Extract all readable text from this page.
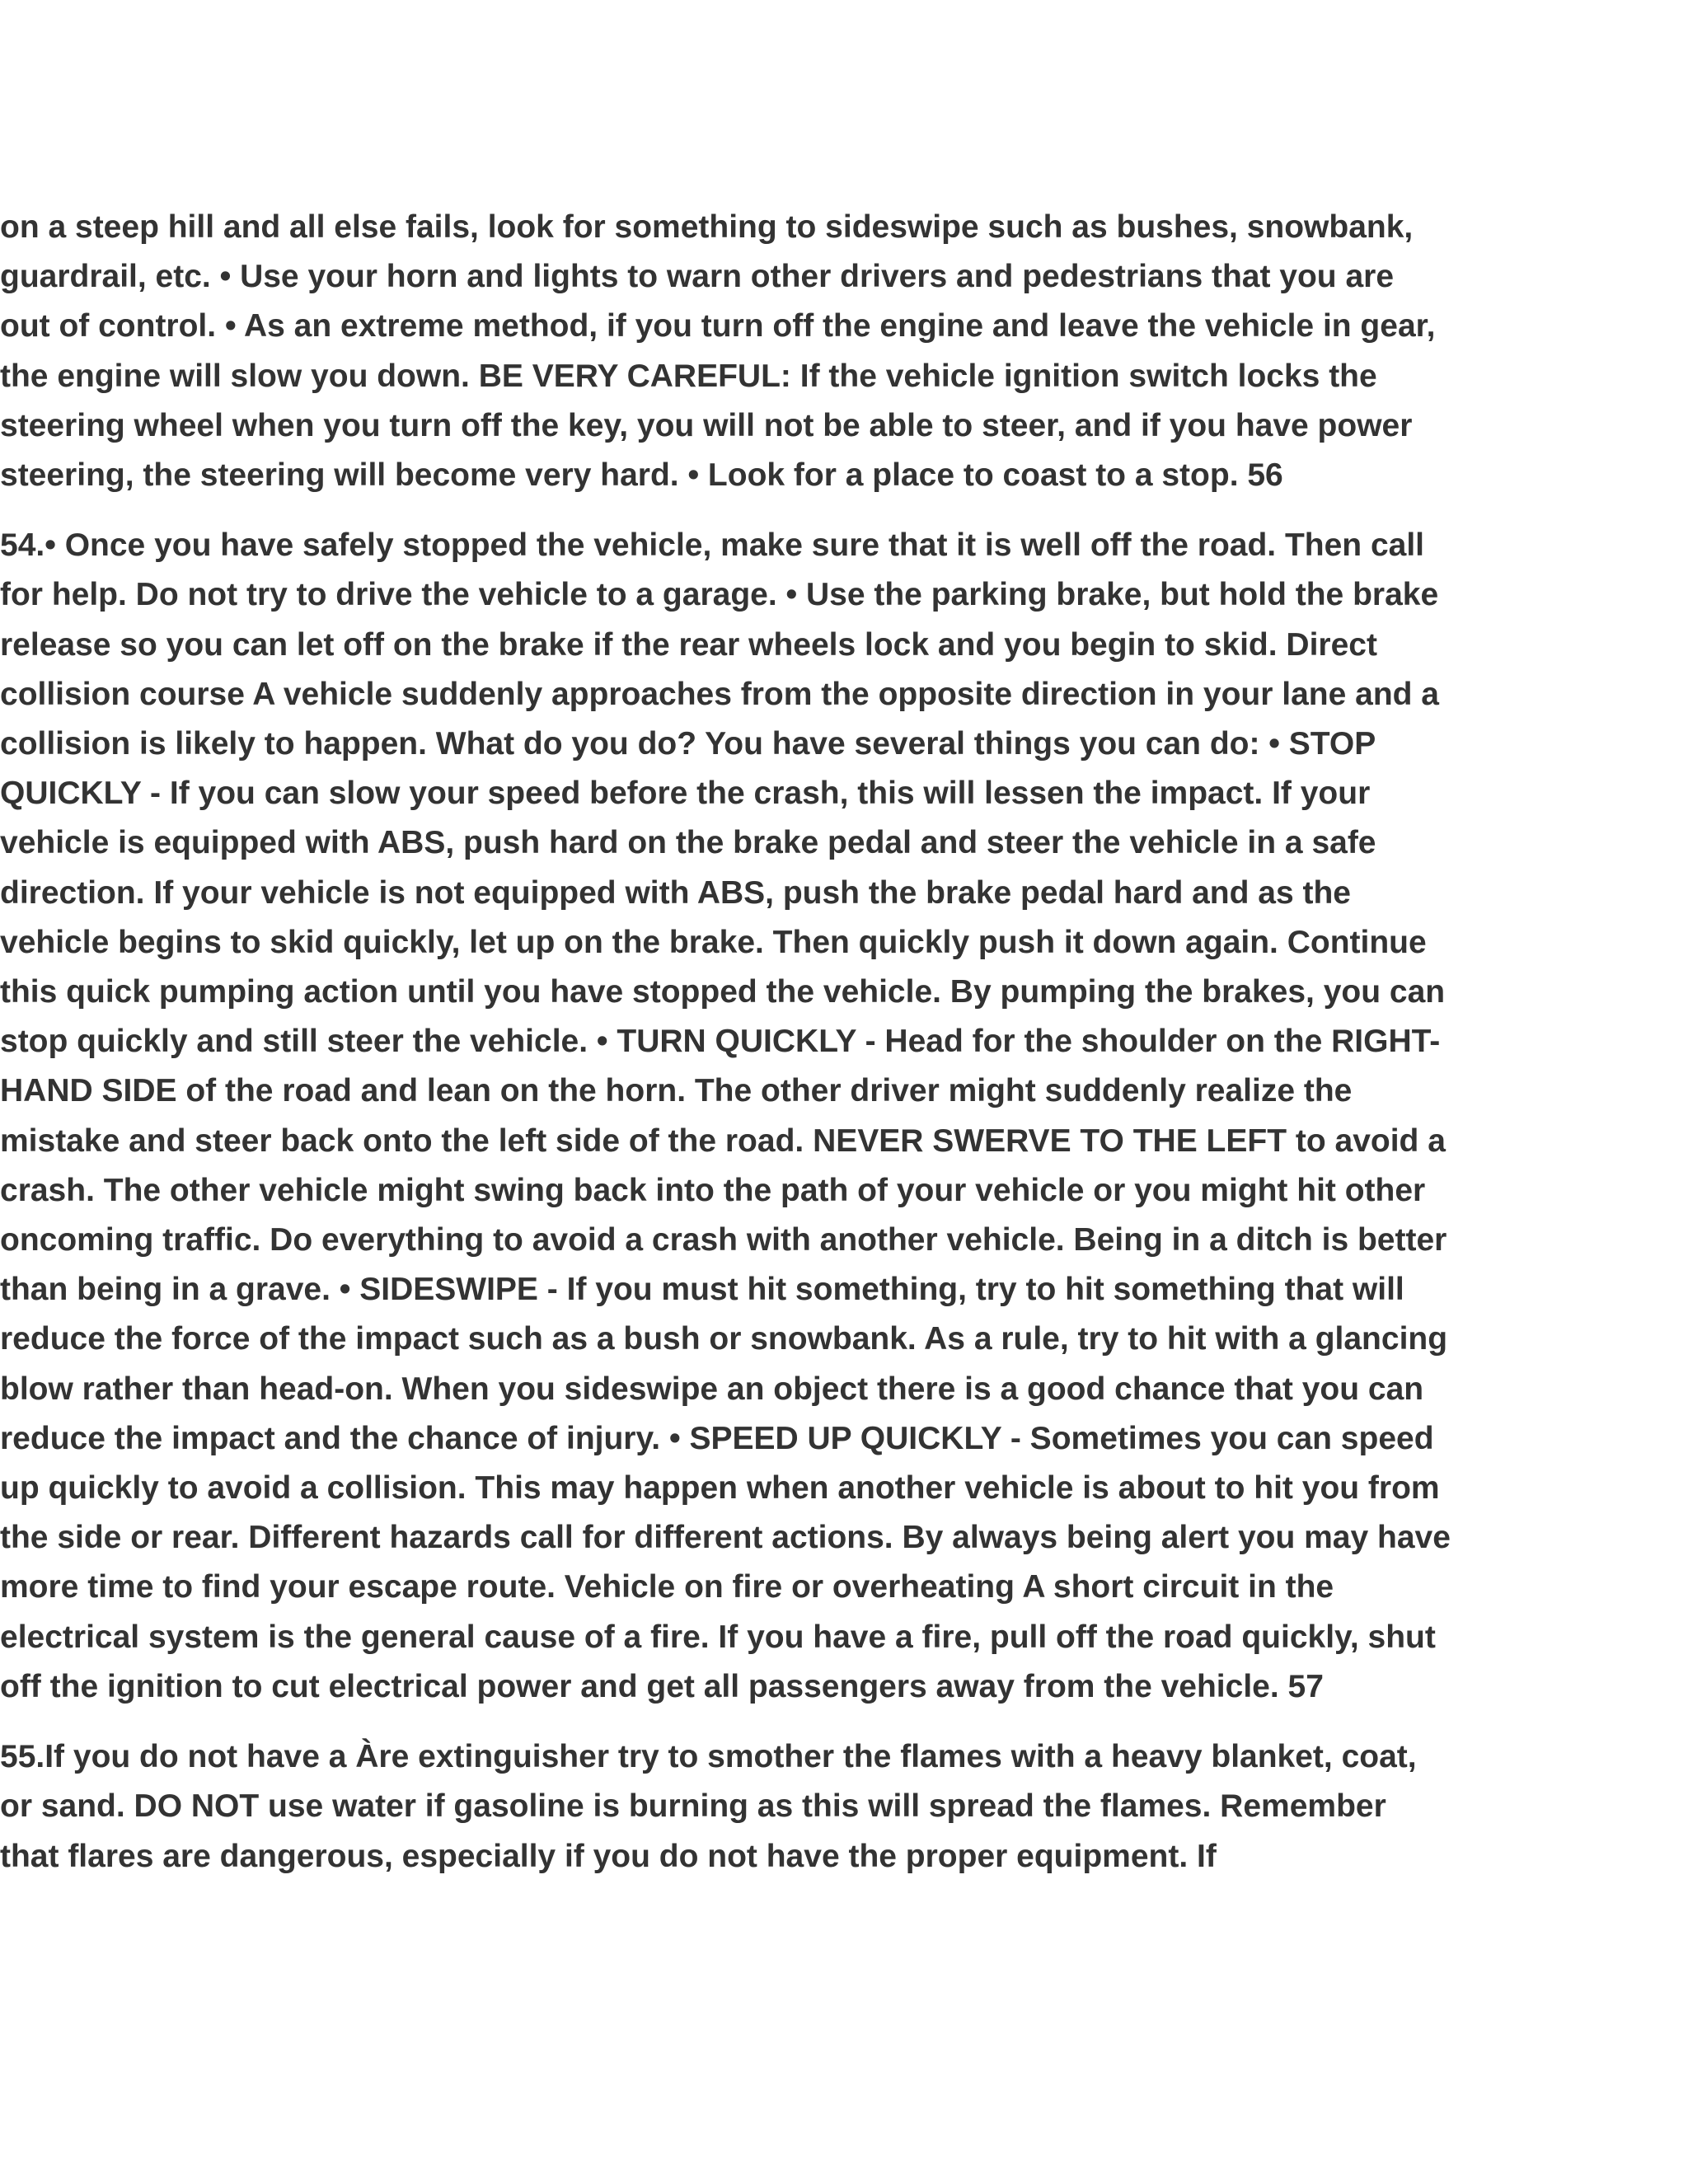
on a steep hill and all else fails, look for something to sideswipe such as bushes, snowbank, guardrail, etc. • Use your horn and lights to warn other drivers and pedestrians that you are out of control. • As an extreme method, if you turn off the engine and leave the vehicle in gear, the engine will slow you down. BE VERY CAREFUL: If the vehicle ignition switch locks the steering wheel when you turn off the key, you will not be able to steer, and if you have power steering, the steering will become very hard. • Look for a place to coast to a stop. 56

54.• Once you have safely stopped the vehicle, make sure that it is well off the road. Then call for help. Do not try to drive the vehicle to a garage. • Use the parking brake, but hold the brake release so you can let off on the brake if the rear wheels lock and you begin to skid. Direct collision course A vehicle suddenly approaches from the opposite direction in your lane and a collision is likely to happen. What do you do? You have several things you can do: • STOP QUICKLY - If you can slow your speed before the crash, this will lessen the impact. If your vehicle is equipped with ABS, push hard on the brake pedal and steer the vehicle in a safe direction. If your vehicle is not equipped with ABS, push the brake pedal hard and as the vehicle begins to skid quickly, let up on the brake. Then quickly push it down again. Continue this quick pumping action until you have stopped the vehicle. By pumping the brakes, you can stop quickly and still steer the vehicle. • TURN QUICKLY - Head for the shoulder on the RIGHT-HAND SIDE of the road and lean on the horn. The other driver might suddenly realize the mistake and steer back onto the left side of the road. NEVER SWERVE TO THE LEFT to avoid a crash. The other vehicle might swing back into the path of your vehicle or you might hit other oncoming traffic. Do everything to avoid a crash with another vehicle. Being in a ditch is better than being in a grave. • SIDESWIPE - If you must hit something, try to hit something that will reduce the force of the impact such as a bush or snowbank. As a rule, try to hit with a glancing blow rather than head-on. When you sideswipe an object there is a good chance that you can reduce the impact and the chance of injury. • SPEED UP QUICKLY - Sometimes you can speed up quickly to avoid a collision. This may happen when another vehicle is about to hit you from the side or rear. Different hazards call for different actions. By always being alert you may have more time to find your escape route. Vehicle on fire or overheating A short circuit in the electrical system is the general cause of a fire. If you have a fire, pull off the road quickly, shut off the ignition to cut electrical power and get all passengers away from the vehicle. 57

55.If you do not have a Àre extinguisher try to smother the flames with a heavy blanket, coat, or sand. DO NOT use water if gasoline is burning as this will spread the flames. Remember that flares are dangerous, especially if you do not have the proper equipment. If
